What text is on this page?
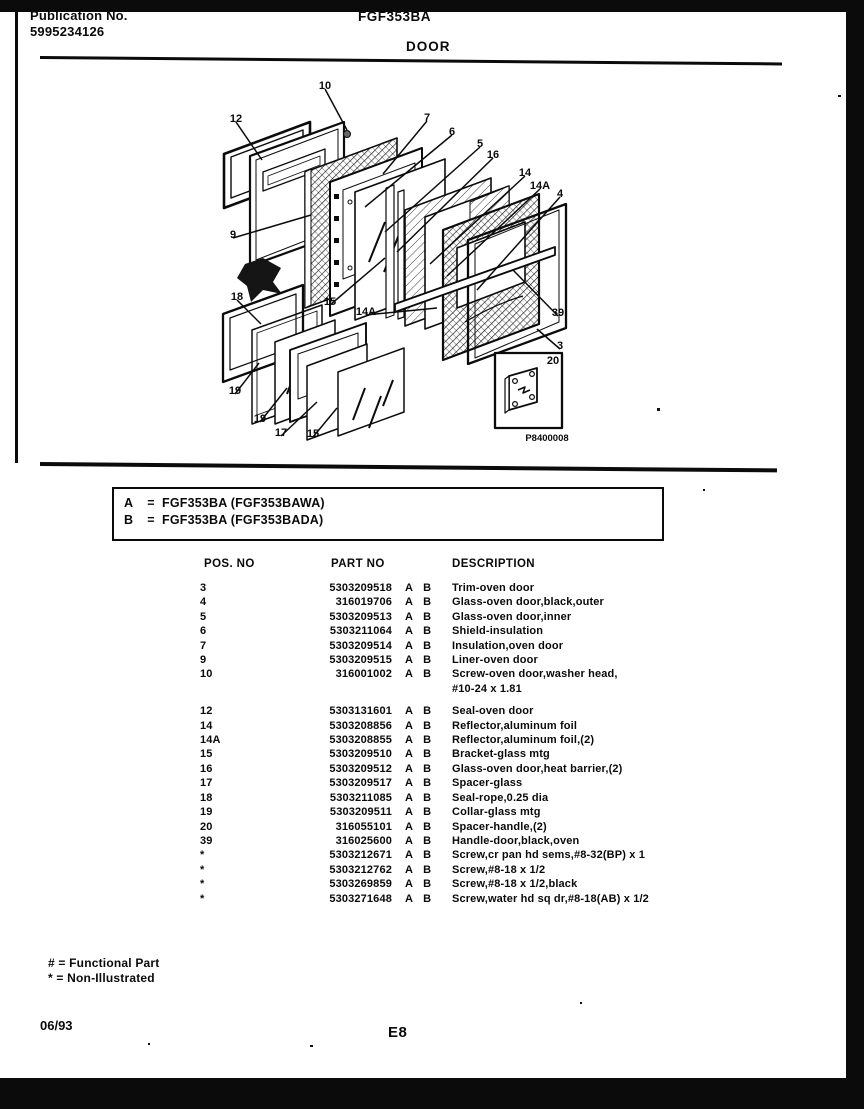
Publication No.
5995234126
FGF353BA
DOOR
P8400008
10
12	7
6
5
16
14
14A
4
9
18	15
14A
19
19
17 15
39
3
20
A	= FGF353BA (FGF353BAWA)
B	= FGF353BA (FGF353BADA)
POS. NO	PART NO	DESCRIPTION
3	5303209518 A B Trim-oven door
4	316019706 A B Glass-oven door,black,outer
5	5303209513 A B Glass-oven door,inner
6	5303211064 A B Shield-insulation
7	5303209514 A B Insulation,oven door
9	5303209515 A B Liner-oven door
10	316001002 A B Screw-oven door,washer head,
#10-24 x 1.81
12	5303131601 A B Seal-oven door
14	5303208856 A B Reflector,aluminum foil
14A	5303208855 A B Reflector,aluminum foil,(2)
15	5303209510 A B Bracket-glass mtg
16	5303209512 A B Glass-oven door,heat barrier,(2)
17	5303209517 A B Spacer-glass
18	5303211085 A B Seal-rope,0.25 dia
19	5303209511 A B Collar-glass mtg
20	316055101 A B Spacer-handle,(2)
39	316025600 A B Handle-door,black,oven
*	5303212671 A B Screw,cr pan hd sems,#8-32(BP) x 1
*	5303212762 A B Screw,#8-18 x 1/2
*	5303269859 A B Screw,#8-18 x 1/2,black
*	5303271648 A B Screw,water hd sq dr,#8-18(AB) x 1/2
# = Functional Part
* = Non-Illustrated
06/93	E8
